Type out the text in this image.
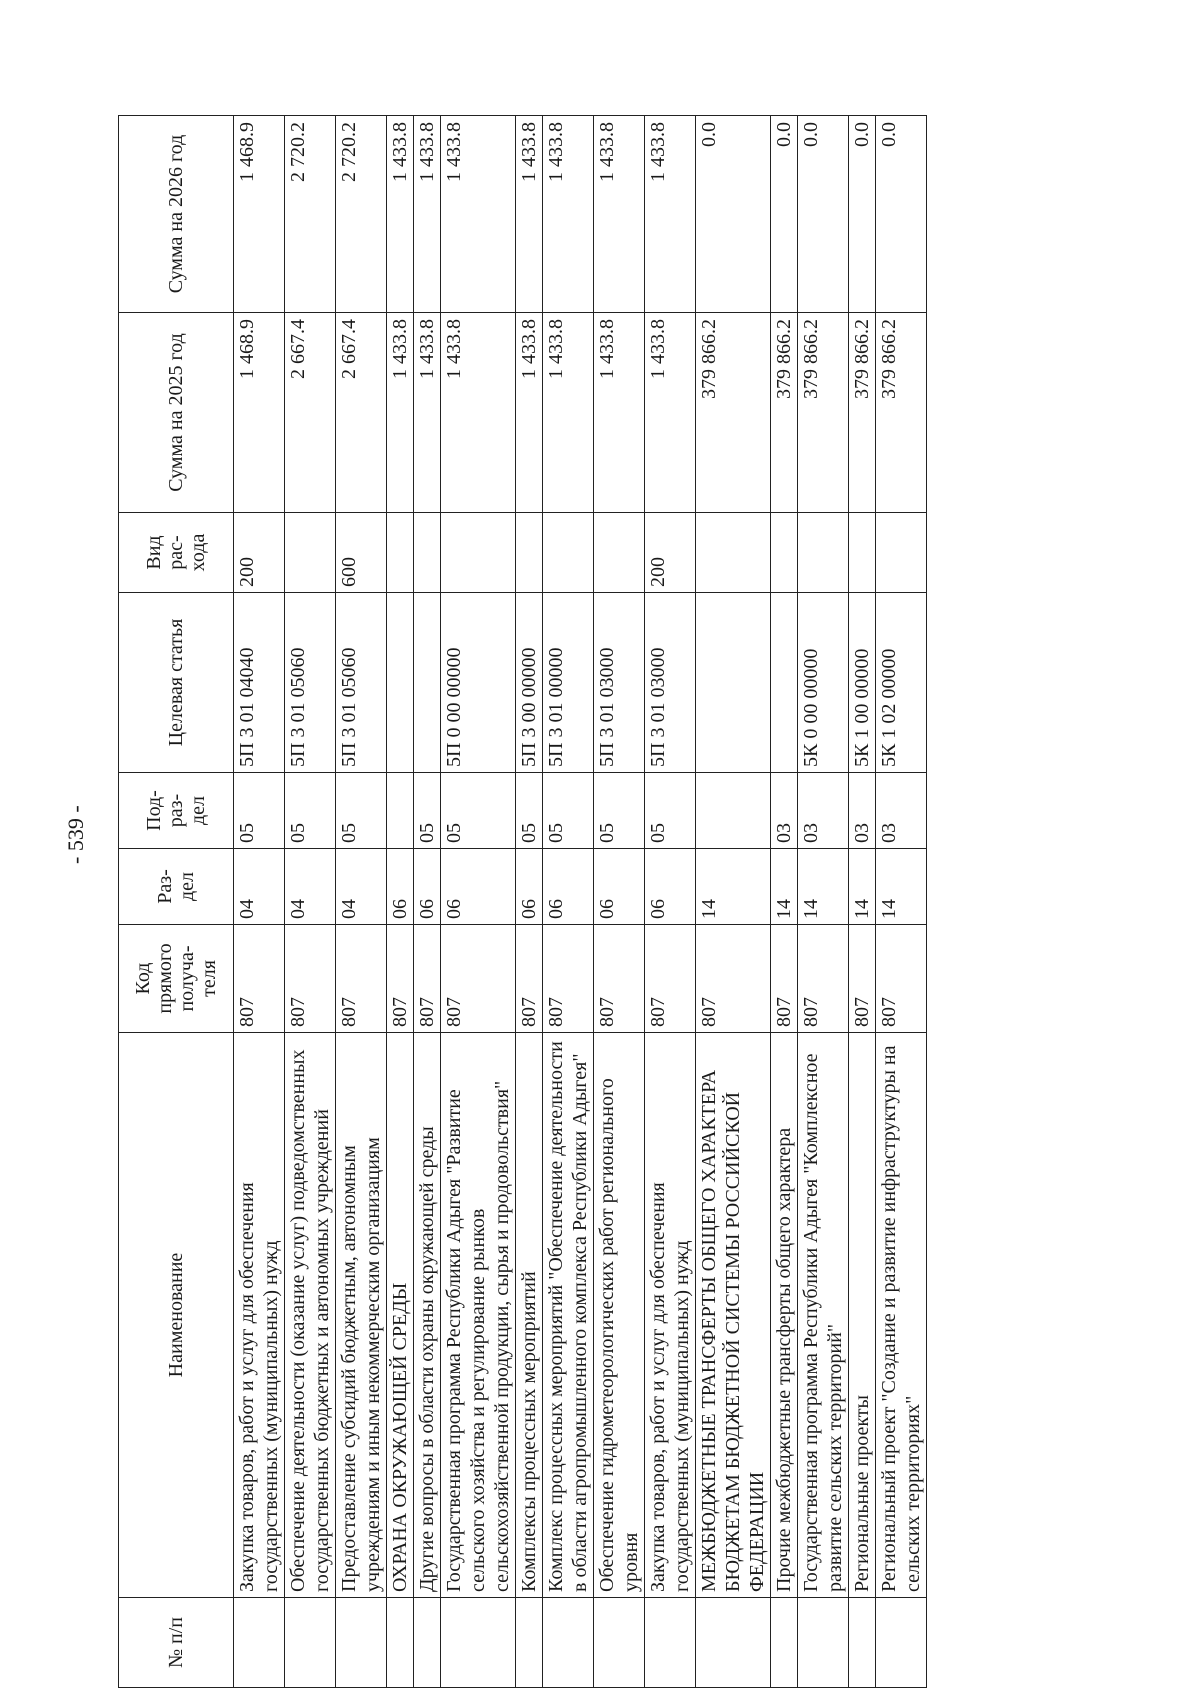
- 539 -
№ п/п	Наименование	Код прямого получа- теля	Раз- дел	Под- раз- дел	Целевая статья	Вид рас- хода	Сумма на 2025 год	Сумма на 2026 год
	Закупка товаров, работ и услуг для обеспечения государственных (муниципальных) нужд	807	04	05	5П 3 01 04040	200	1 468.9	1 468.9
	Обеспечение деятельности (оказание услуг) подведомственных государственных бюджетных и автономных учреждений	807	04	05	5П 3 01 05060		2 667.4	2 720.2
	Предоставление субсидий бюджетным, автономным учреждениям и иным некоммерческим организациям	807	04	05	5П 3 01 05060	600	2 667.4	2 720.2
	ОХРАНА ОКРУЖАЮЩЕЙ СРЕДЫ	807	06				1 433.8	1 433.8
	Другие вопросы в области охраны окружающей среды	807	06	05			1 433.8	1 433.8
	Государственная программа Республики Адыгея "Развитие сельского хозяйства и регулирование рынков сельскохозяйственной продукции, сырья и продовольствия"	807	06	05	5П 0 00 00000		1 433.8	1 433.8
	Комплексы процессных мероприятий	807	06	05	5П 3 00 00000		1 433.8	1 433.8
	Комплекс процессных мероприятий "Обеспечение деятельности в области агропромышленного комплекса Республики Адыгея"	807	06	05	5П 3 01 00000		1 433.8	1 433.8
	Обеспечение гидрометеорологических работ регионального уровня	807	06	05	5П 3 01 03000		1 433.8	1 433.8
	Закупка товаров, работ и услуг для обеспечения государственных (муниципальных) нужд	807	06	05	5П 3 01 03000	200	1 433.8	1 433.8
	МЕЖБЮДЖЕТНЫЕ ТРАНСФЕРТЫ ОБЩЕГО ХАРАКТЕРА БЮДЖЕТАМ БЮДЖЕТНОЙ СИСТЕМЫ РОССИЙСКОЙ ФЕДЕРАЦИИ	807	14				379 866.2	0.0
	Прочие межбюджетные трансферты общего характера	807	14	03			379 866.2	0.0
	Государственная программа Республики Адыгея "Комплексное развитие сельских территорий"	807	14	03	5К 0 00 00000		379 866.2	0.0
	Региональные проекты	807	14	03	5К 1 00 00000		379 866.2	0.0
	Региональный проект "Создание и развитие инфраструктуры на сельских территориях"	807	14	03	5К 1 02 00000		379 866.2	0.0
